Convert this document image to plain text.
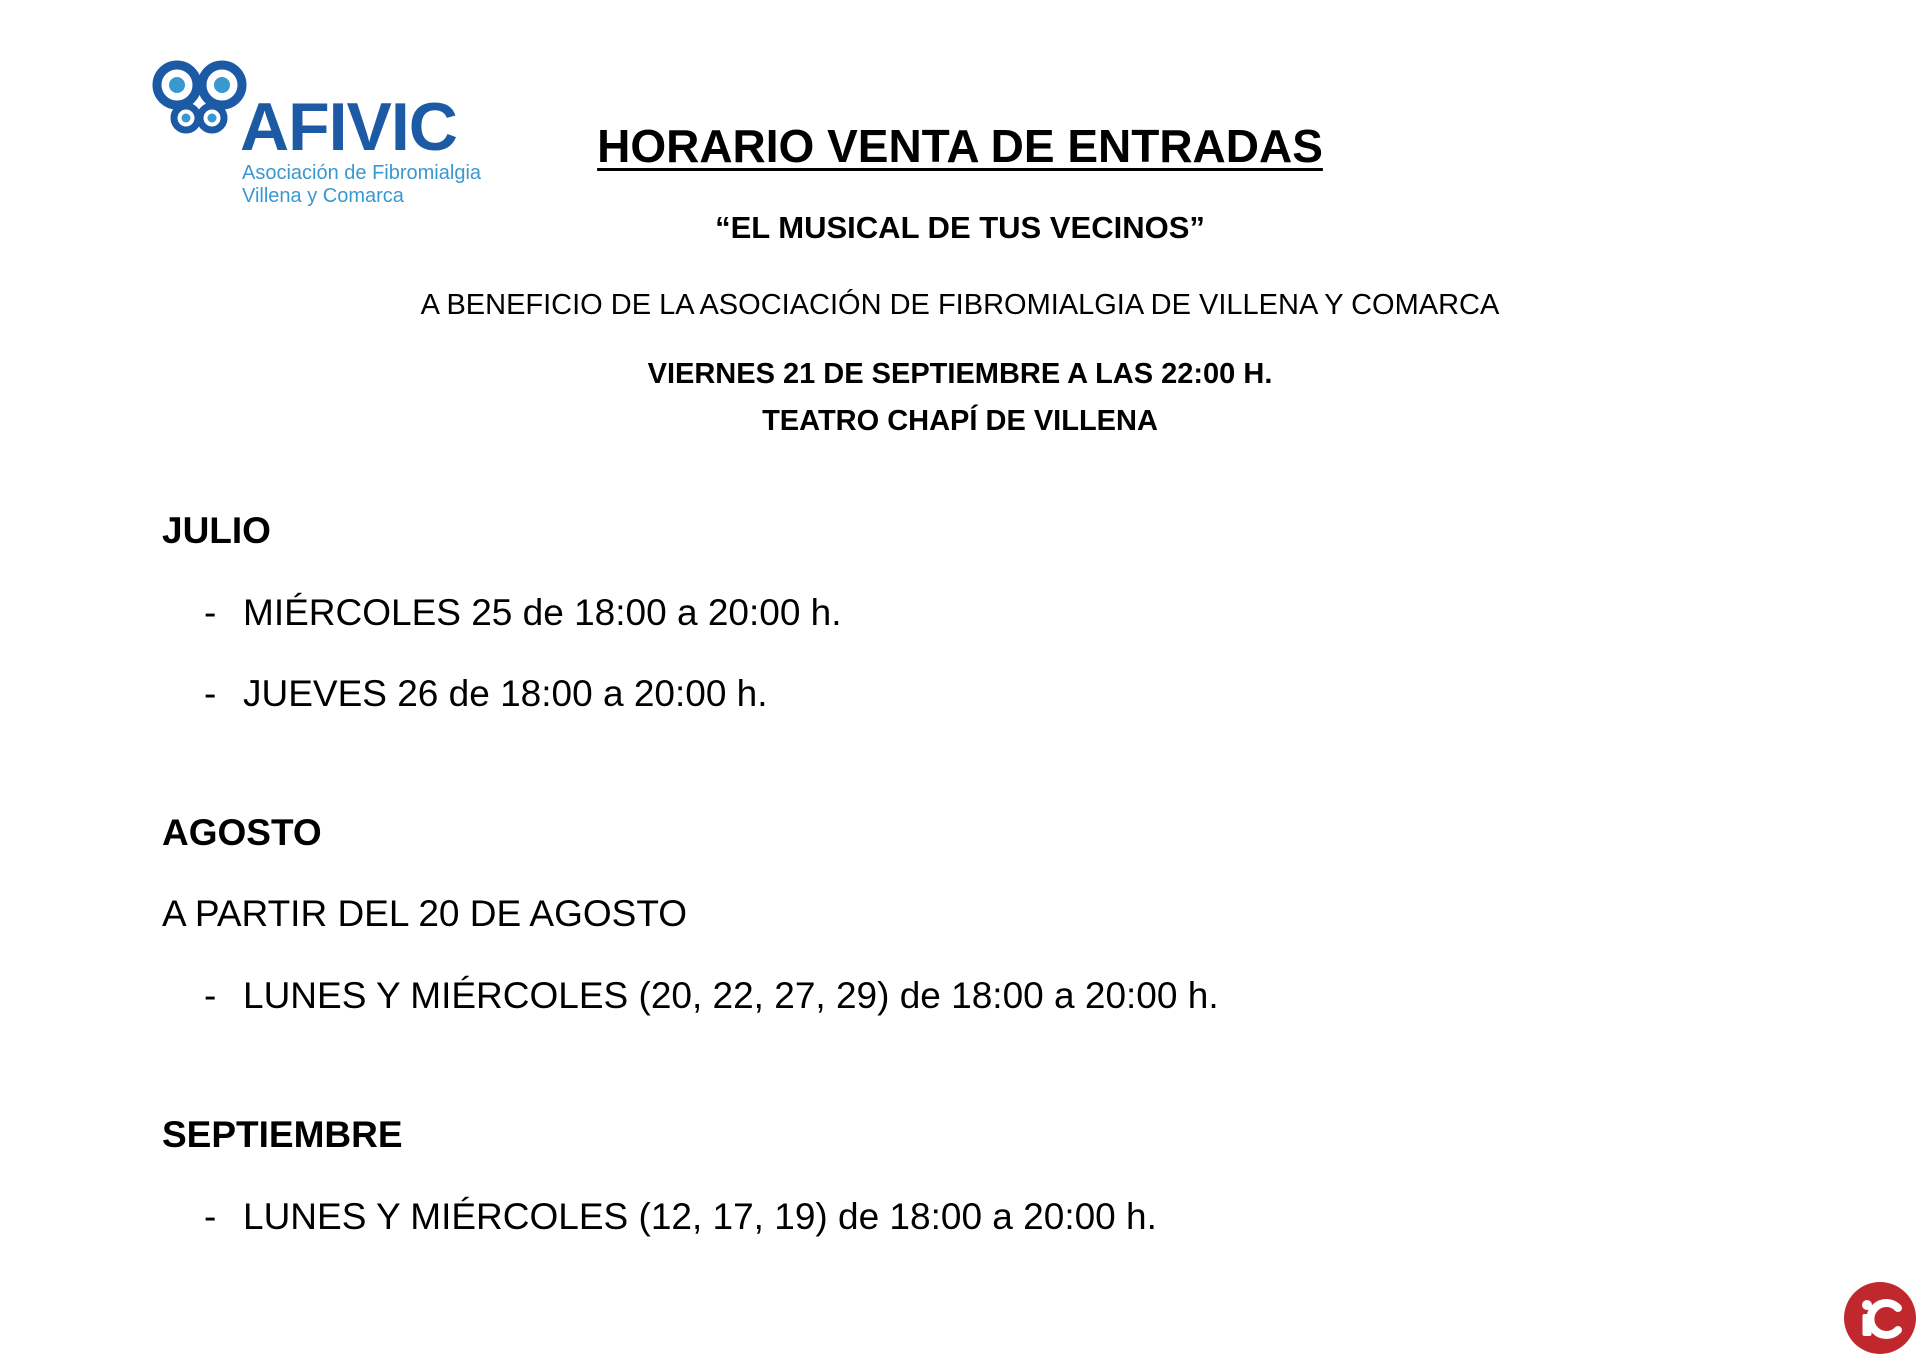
AFIVIC
Asociación de Fibromialgia
Villena y Comarca
HORARIO VENTA DE ENTRADAS
“EL MUSICAL DE TUS VECINOS”
A BENEFICIO DE LA ASOCIACIÓN DE FIBROMIALGIA DE VILLENA Y COMARCA
VIERNES 21 DE SEPTIEMBRE A LAS 22:00 H.
TEATRO CHAPÍ DE VILLENA
JULIO
- MIÉRCOLES 25 de 18:00 a 20:00 h.
- JUEVES 26 de 18:00 a 20:00 h.
AGOSTO
A PARTIR DEL 20 DE AGOSTO
- LUNES Y MIÉRCOLES (20, 22, 27, 29) de 18:00 a 20:00 h.
SEPTIEMBRE
- LUNES Y MIÉRCOLES (12, 17, 19) de 18:00 a 20:00 h.
